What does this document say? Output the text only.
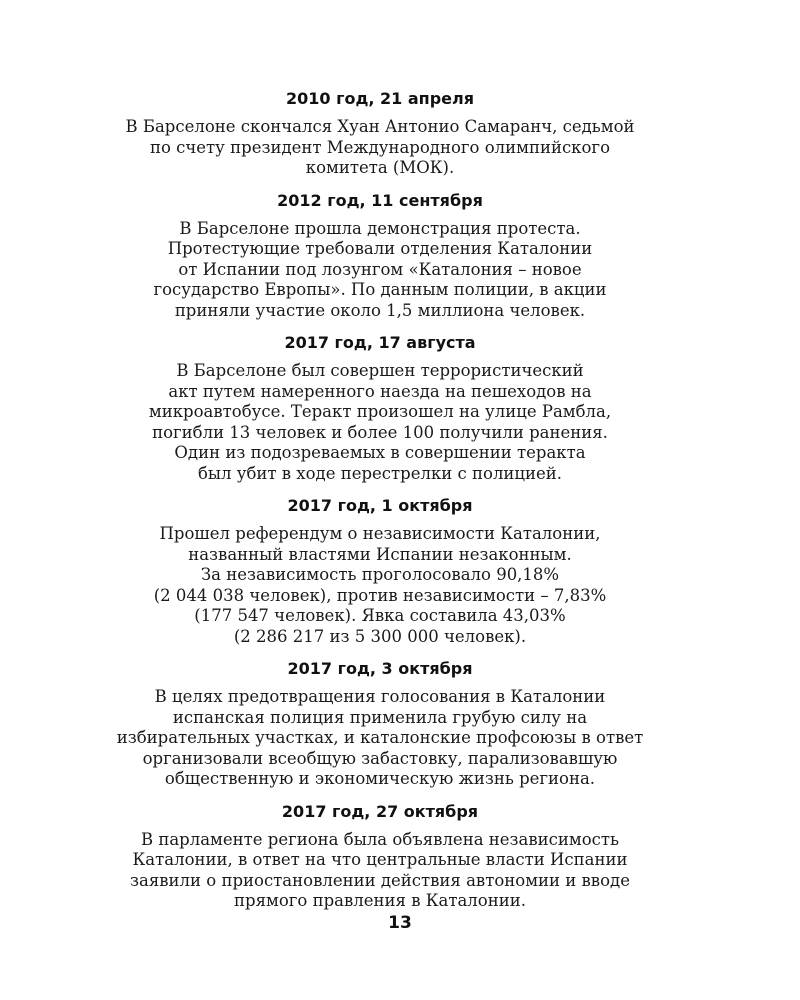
2010 год, 21 апреля

В Барселоне скончался Хуан Антонио Самаранч, седьмой
по счету президент Международного олимпийского
комитета (МОК).

2012 год, 11 сентября

В Барселоне прошла демонстрация протеста.
Протестующие требовали отделения Каталонии
от Испании под лозунгом «Каталония – новое
государство Европы». По данным полиции, в акции
приняли участие около 1,5 миллиона человек.

2017 год, 17 августа

В Барселоне был совершен террористический
акт путем намеренного наезда на пешеходов на
микроавтобусе. Теракт произошел на улице Рамбла,
погибли 13 человек и более 100 получили ранения.
Один из подозреваемых в совершении теракта
был убит в ходе перестрелки с полицией.

2017 год, 1 октября

Прошел референдум о независимости Каталонии,
названный властями Испании незаконным.
За независимость проголосовало 90,18%
(2 044 038 человек), против независимости – 7,83%
(177 547 человек). Явка составила 43,03%
(2 286 217 из 5 300 000 человек).

2017 год, 3 октября

В целях предотвращения голосования в Каталонии
испанская полиция применила грубую силу на
избирательных участках, и каталонские профсоюзы в ответ
организовали всеобщую забастовку, парализовавшую
общественную и экономическую жизнь региона.

2017 год, 27 октября

В парламенте региона была объявлена независимость
Каталонии, в ответ на что центральные власти Испании
заявили о приостановлении действия автономии и вводе
прямого правления в Каталонии.

13
